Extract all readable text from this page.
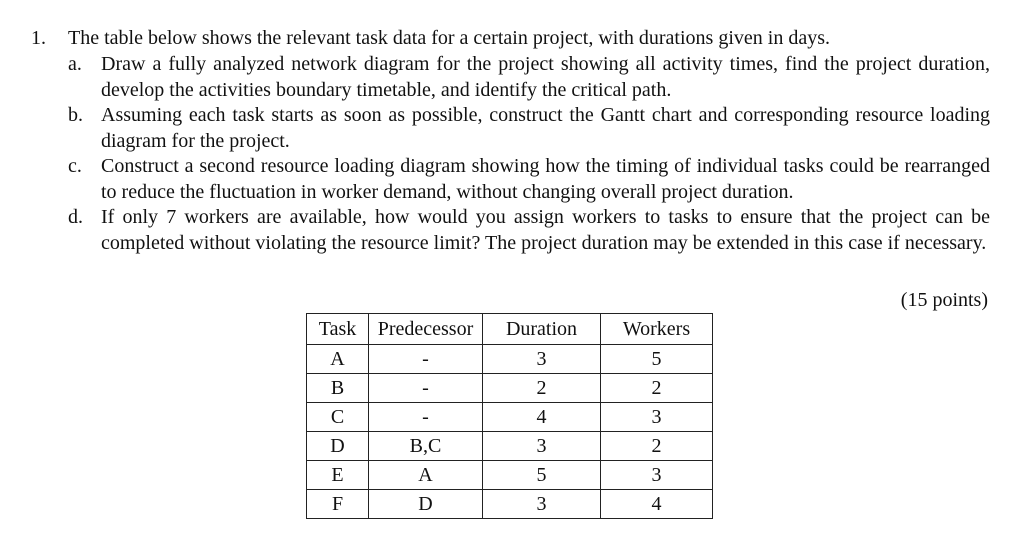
1. The table below shows the relevant task data for a certain project, with durations given in days.
a. Draw a fully analyzed network diagram for the project showing all activity times, find the project duration, develop the activities boundary timetable, and identify the critical path.
b. Assuming each task starts as soon as possible, construct the Gantt chart and corresponding resource loading diagram for the project.
c. Construct a second resource loading diagram showing how the timing of individual tasks could be rearranged to reduce the fluctuation in worker demand, without changing overall project duration.
d. If only 7 workers are available, how would you assign workers to tasks to ensure that the project can be completed without violating the resource limit? The project duration may be extended in this case if necessary.
(15 points)
Task	Predecessor	Duration	Workers
A	-	3	5
B	-	2	2
C	-	4	3
D	B,C	3	2
E	A	5	3
F	D	3	4
